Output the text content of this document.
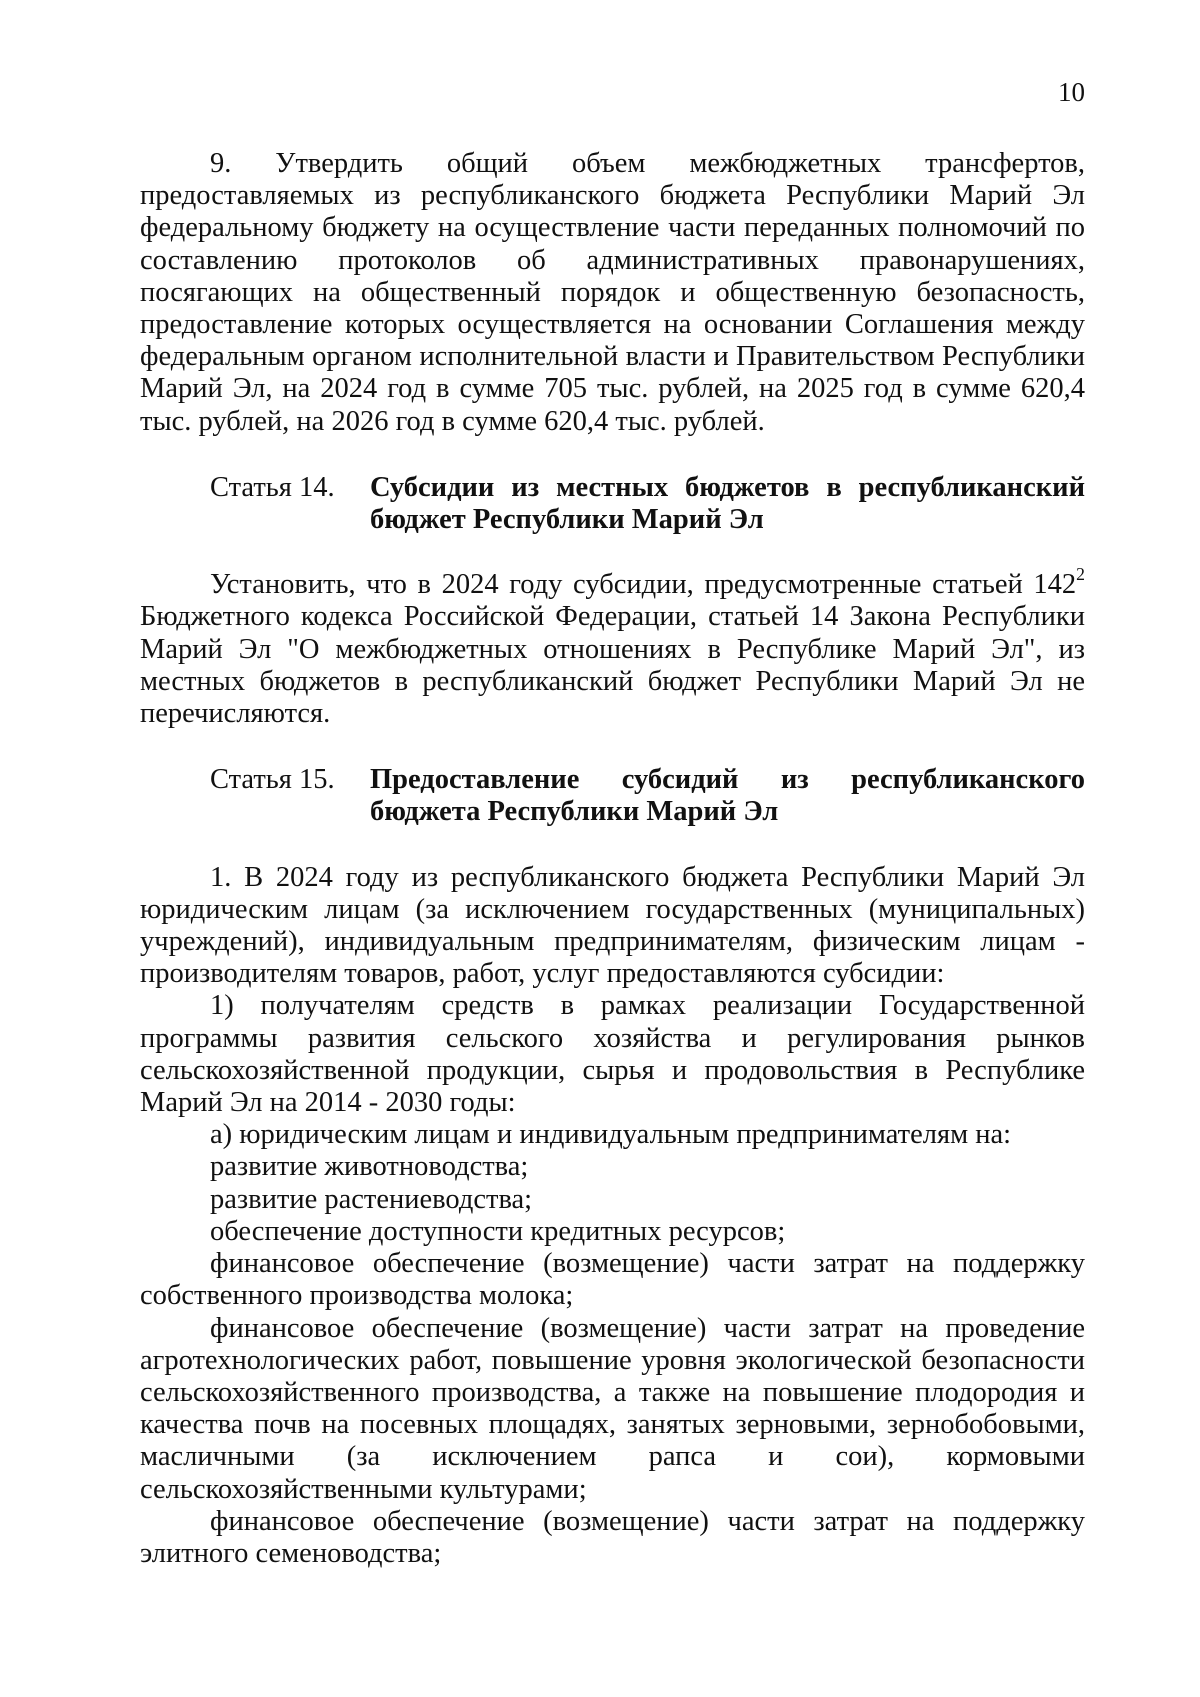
10

9. Утвердить общий объем межбюджетных трансфертов, предоставляемых из республиканского бюджета Республики Марий Эл федеральному бюджету на осуществление части переданных полномочий по составлению протоколов об административных правонарушениях, посягающих на общественный порядок и общественную безопасность, предоставление которых осуществляется на основании Соглашения между федеральным органом исполнительной власти и Правительством Республики Марий Эл, на 2024 год в сумме 705 тыс. рублей, на 2025 год в сумме 620,4 тыс. рублей, на 2026 год в сумме 620,4 тыс. рублей.

Статья 14.	Субсидии из местных бюджетов в республиканский бюджет Республики Марий Эл

Установить, что в 2024 году субсидии, предусмотренные статьей $142^2$ Бюджетного кодекса Российской Федерации, статьей 14 Закона Республики Марий Эл "О межбюджетных отношениях в Республике Марий Эл", из местных бюджетов в республиканский бюджет Республики Марий Эл не перечисляются.

Статья 15.	Предоставление субсидий из республиканского бюджета Республики Марий Эл

1. В 2024 году из республиканского бюджета Республики Марий Эл юридическим лицам (за исключением государственных (муниципальных) учреждений), индивидуальным предпринимателям, физическим лицам - производителям товаров, работ, услуг предоставляются субсидии:

1) получателям средств в рамках реализации Государственной программы развития сельского хозяйства и регулирования рынков сельскохозяйственной продукции, сырья и продовольствия в Республике Марий Эл на 2014 - 2030 годы:

а) юридическим лицам и индивидуальным предпринимателям на:

развитие животноводства;

развитие растениеводства;

обеспечение доступности кредитных ресурсов;

финансовое обеспечение (возмещение) части затрат на поддержку собственного производства молока;

финансовое обеспечение (возмещение) части затрат на проведение агротехнологических работ, повышение уровня экологической безопасности сельскохозяйственного производства, а также на повышение плодородия и качества почв на посевных площадях, занятых зерновыми, зернобобовыми, масличными (за исключением рапса и сои), кормовыми сельскохозяйственными культурами;

финансовое обеспечение (возмещение) части затрат на поддержку элитного семеноводства;
